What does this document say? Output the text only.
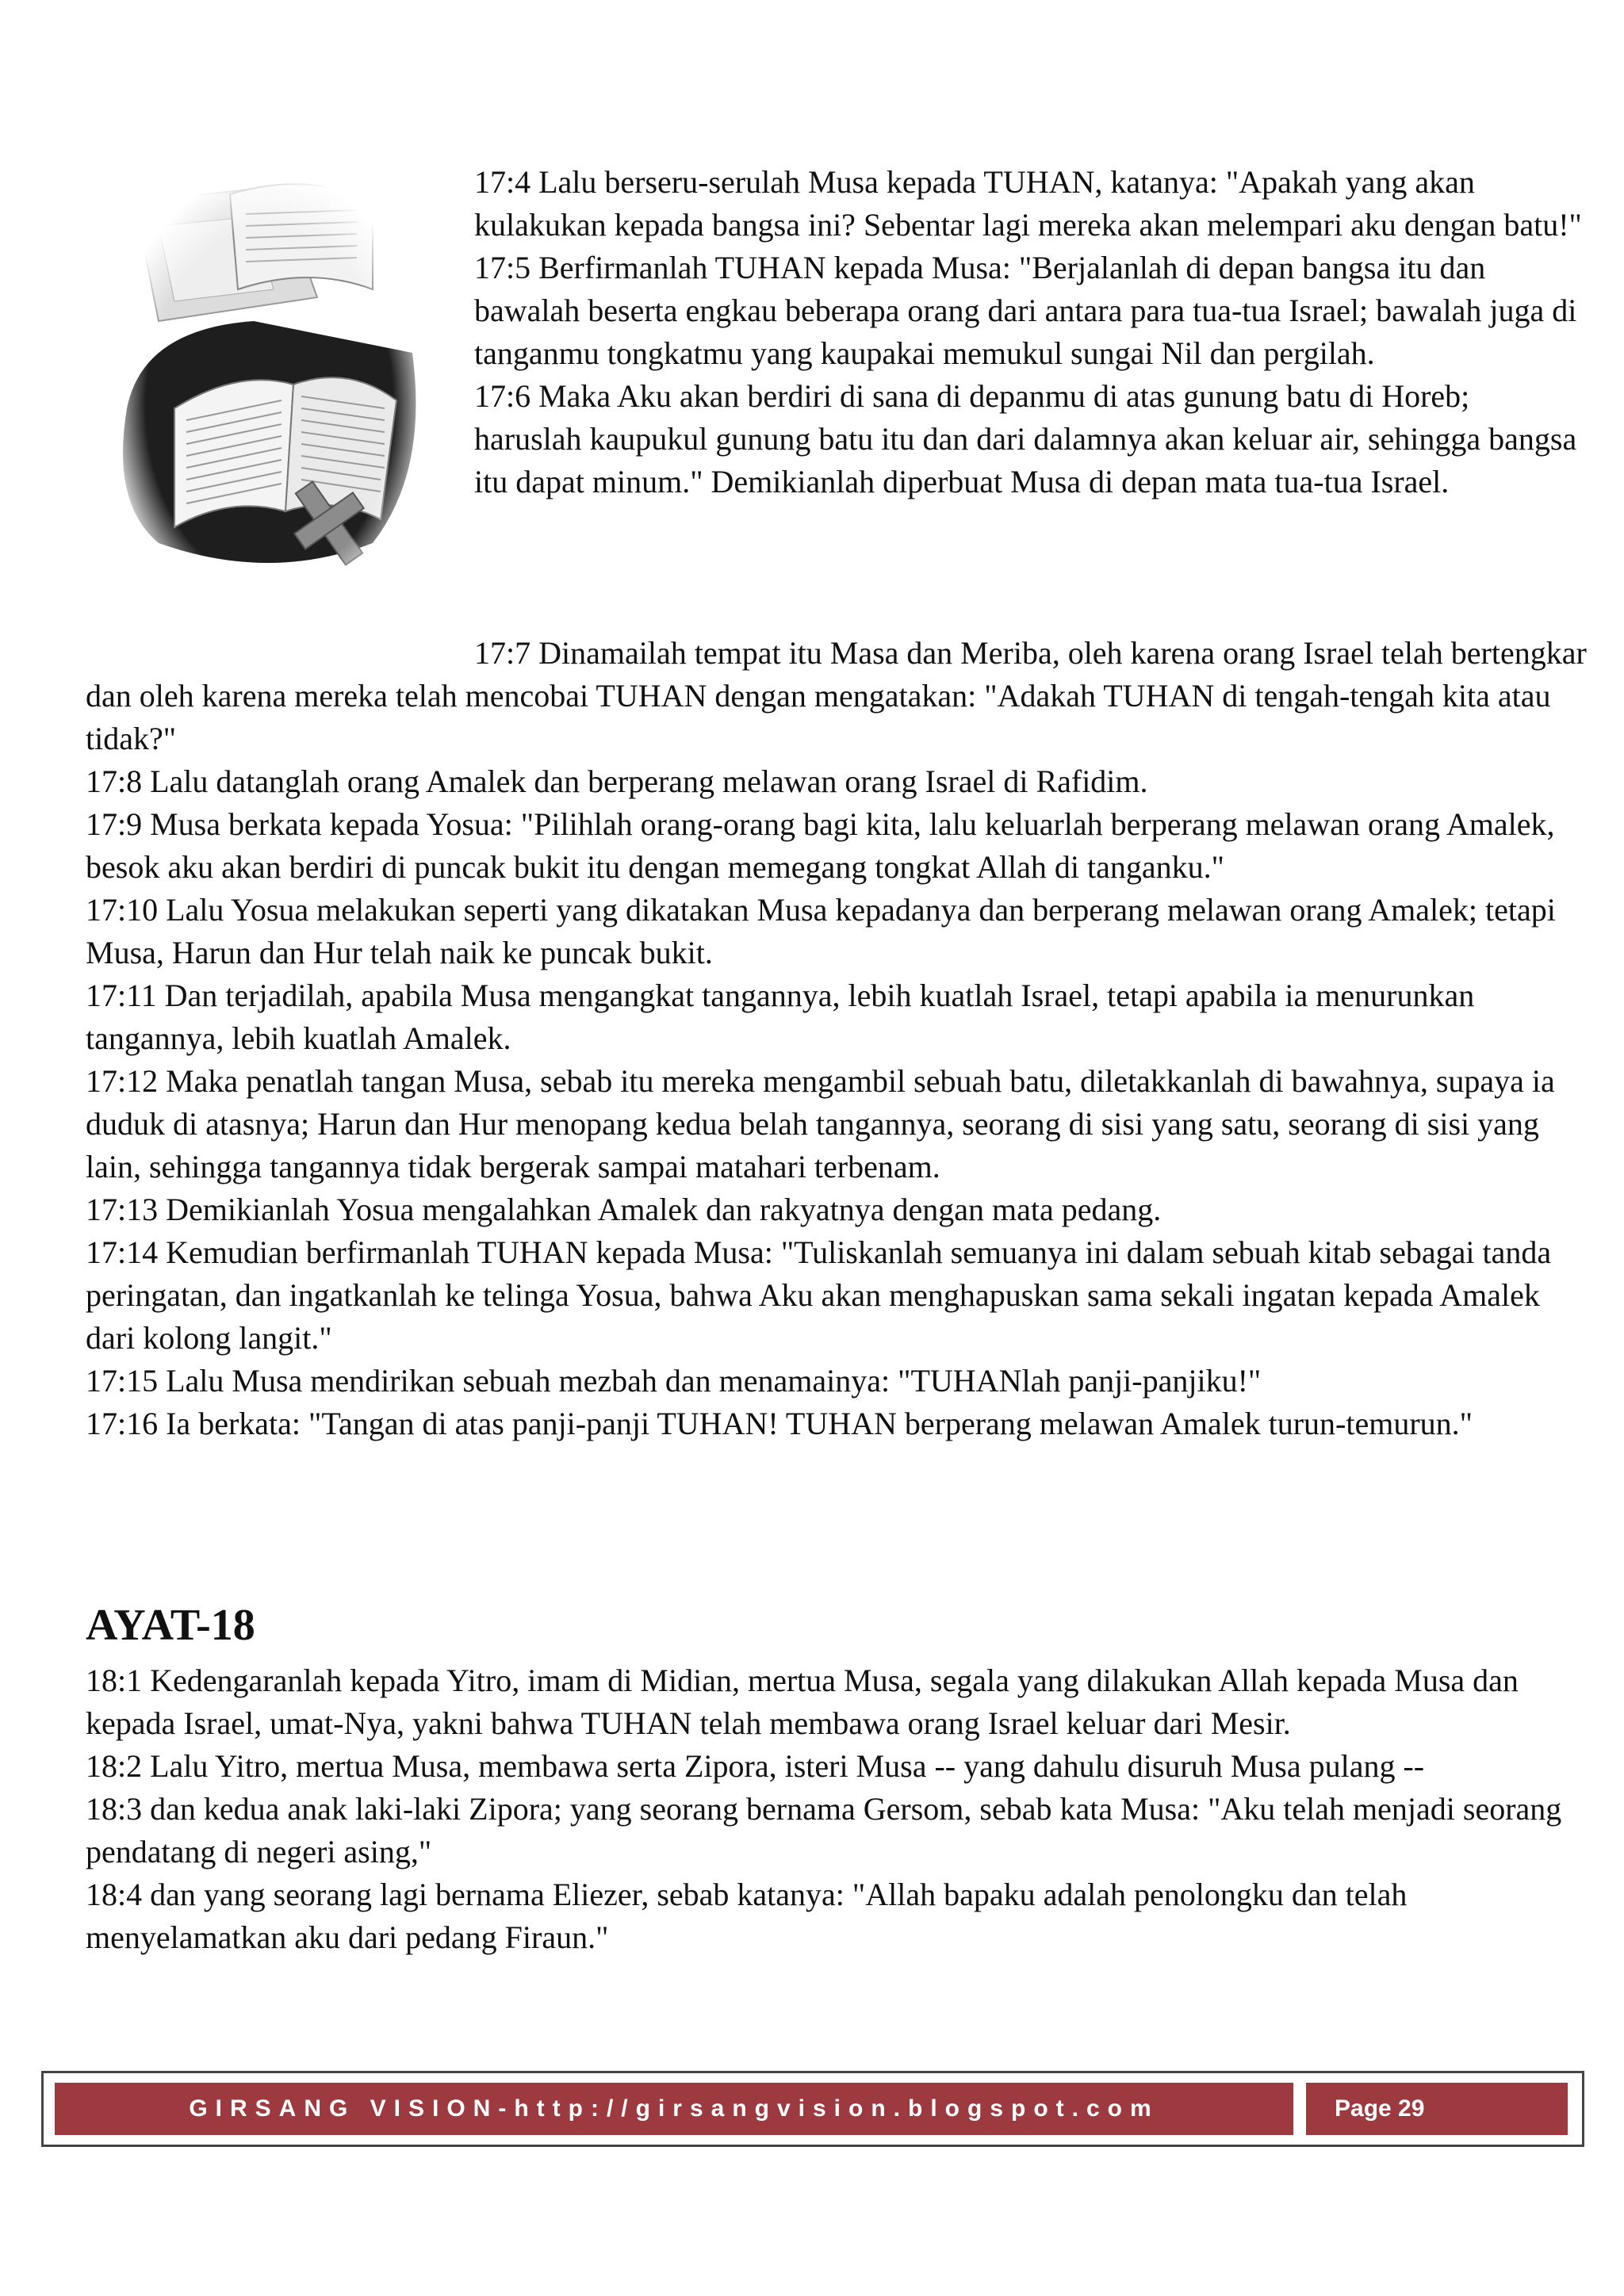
17:4 Lalu berseru-serulah Musa kepada TUHAN, katanya: "Apakah yang akan kulakukan kepada bangsa ini? Sebentar lagi mereka akan melempari aku dengan batu!"

17:5 Berfirmanlah TUHAN kepada Musa: "Berjalanlah di depan bangsa itu dan bawalah beserta engkau beberapa orang dari antara para tua-tua Israel; bawalah juga di tanganmu tongkatmu yang kaupakai memukul sungai Nil dan pergilah.

17:6 Maka Aku akan berdiri di sana di depanmu di atas gunung batu di Horeb; haruslah kaupukul gunung batu itu dan dari dalamnya akan keluar air, sehingga bangsa itu dapat minum." Demikianlah diperbuat Musa di depan mata tua-tua Israel.

17:7 Dinamailah tempat itu Masa dan Meriba, oleh karena orang Israel telah bertengkar dan oleh karena mereka telah mencobai TUHAN dengan mengatakan: "Adakah TUHAN di tengah-tengah kita atau tidak?"

17:8 Lalu datanglah orang Amalek dan berperang melawan orang Israel di Rafidim.

17:9 Musa berkata kepada Yosua: "Pilihlah orang-orang bagi kita, lalu keluarlah berperang melawan orang Amalek, besok aku akan berdiri di puncak bukit itu dengan memegang tongkat Allah di tanganku."

17:10 Lalu Yosua melakukan seperti yang dikatakan Musa kepadanya dan berperang melawan orang Amalek; tetapi Musa, Harun dan Hur telah naik ke puncak bukit.

17:11 Dan terjadilah, apabila Musa mengangkat tangannya, lebih kuatlah Israel, tetapi apabila ia menurunkan tangannya, lebih kuatlah Amalek.

17:12 Maka penatlah tangan Musa, sebab itu mereka mengambil sebuah batu, diletakkanlah di bawahnya, supaya ia duduk di atasnya; Harun dan Hur menopang kedua belah tangannya, seorang di sisi yang satu, seorang di sisi yang lain, sehingga tangannya tidak bergerak sampai matahari terbenam.

17:13 Demikianlah Yosua mengalahkan Amalek dan rakyatnya dengan mata pedang.

17:14 Kemudian berfirmanlah TUHAN kepada Musa: "Tuliskanlah semuanya ini dalam sebuah kitab sebagai tanda peringatan, dan ingatkanlah ke telinga Yosua, bahwa Aku akan menghapuskan sama sekali ingatan kepada Amalek dari kolong langit."

17:15 Lalu Musa mendirikan sebuah mezbah dan menamainya: "TUHANlah panji-panjiku!"

17:16 Ia berkata: "Tangan di atas panji-panji TUHAN! TUHAN berperang melawan Amalek turun-temurun."

AYAT-18

18:1 Kedengaranlah kepada Yitro, imam di Midian, mertua Musa, segala yang dilakukan Allah kepada Musa dan kepada Israel, umat-Nya, yakni bahwa TUHAN telah membawa orang Israel keluar dari Mesir.

18:2 Lalu Yitro, mertua Musa, membawa serta Zipora, isteri Musa -- yang dahulu disuruh Musa pulang --

18:3 dan kedua anak laki-laki Zipora; yang seorang bernama Gersom, sebab kata Musa: "Aku telah menjadi seorang pendatang di negeri asing,"

18:4 dan yang seorang lagi bernama Eliezer, sebab katanya: "Allah bapaku adalah penolongku dan telah menyelamatkan aku dari pedang Firaun."

GIRSANG VISION-http://girsangvision.blogspot.com	Page 29
